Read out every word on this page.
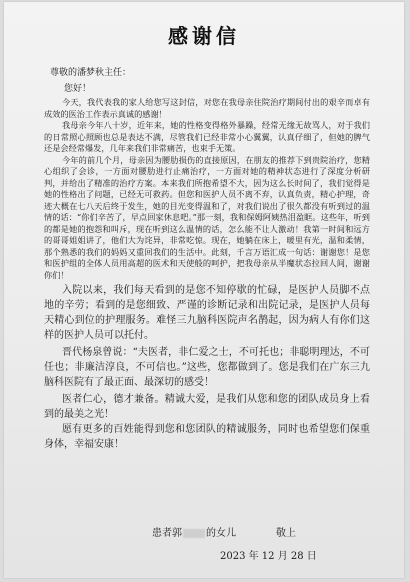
感谢信
尊敬的潘梦秋主任：
您好！

今天，我代表我的家人给您写这封信，对您在我母亲住院治疗期间付出的艰辛而卓有成效的医治工作表示真诚的感谢！

我母亲今年八十岁，近年来，她的性格变得格外暴躁，经常无缘无故骂人，对于我们的日常照心照顾也总是表达不满，尽管我们已经非常小心翼翼，认真仔细了，但她的脾气还是会经常爆发，几年来我们非常痛苦，也束手无策。

今年的前几个月，母亲因为腰肋损伤的直接原因，在朋友的推荐下到贵院治疗，您精心组织了会诊，一方面对腰肋进行止痛治疗，一方面对她的精神状态进行了深度分析研判，并给出了精准的治疗方案。本来我们所抱希望不大，因为这么长时间了，我们觉得是她的性格出了问题，已经无可救药。但您和医护人员不离不弃，认真负责，精心护理，奇迹大概在七八天后终于发生，她的目光变得温和了，对我们说出了很久都没有听到过的温情的话：“你们辛苦了，早点回家休息吧。”那一刻，我和保姆阿姨热泪盈眶。这些年，听到的都是她的抱怨和叫斥，现在听到这么温情的话，怎么能不让人激动！我第一时间和远方的哥哥姐姐讲了，他们大为诧异，非常吃惊。现在，她躺在床上，暖里有光，温和柔情，那个熟悉的我们的妈妈又重回我们的生活中。此刻，千言万语汇成一句话：谢谢您！是您和医护组的全体人员用高超的医术和天使般的呵护，把我母亲从半魔状态拉回人间，谢谢你们！

入院以来，我们每天看到的是您不知停歇的忙碌，是医护人员脚不点地的辛劳；看到的是您细致、严谨的诊断记录和出院记录，是医护人员每天精心到位的护理服务。难怪三九脑科医院声名鹊起，因为病人有你们这样的医护人员可以托付。

晋代杨泉曾说：“夫医者，非仁爱之士，不可托也；非聪明理达，不可任也；非廉洁淳良，不可信也。”这些，您都做到了。您是我们在广东三九脑科医院有了最正面、最深切的感受！

医者仁心，德才兼备。精诚大爱，是我们从您和您的团队成员身上看到的最美之光！

愿有更多的百姓能得到您和您团队的精诚服务，同时也希望您们保重身体，幸福安康！

患者郭 的女儿	敬上
2023 年 12 月 28 日
